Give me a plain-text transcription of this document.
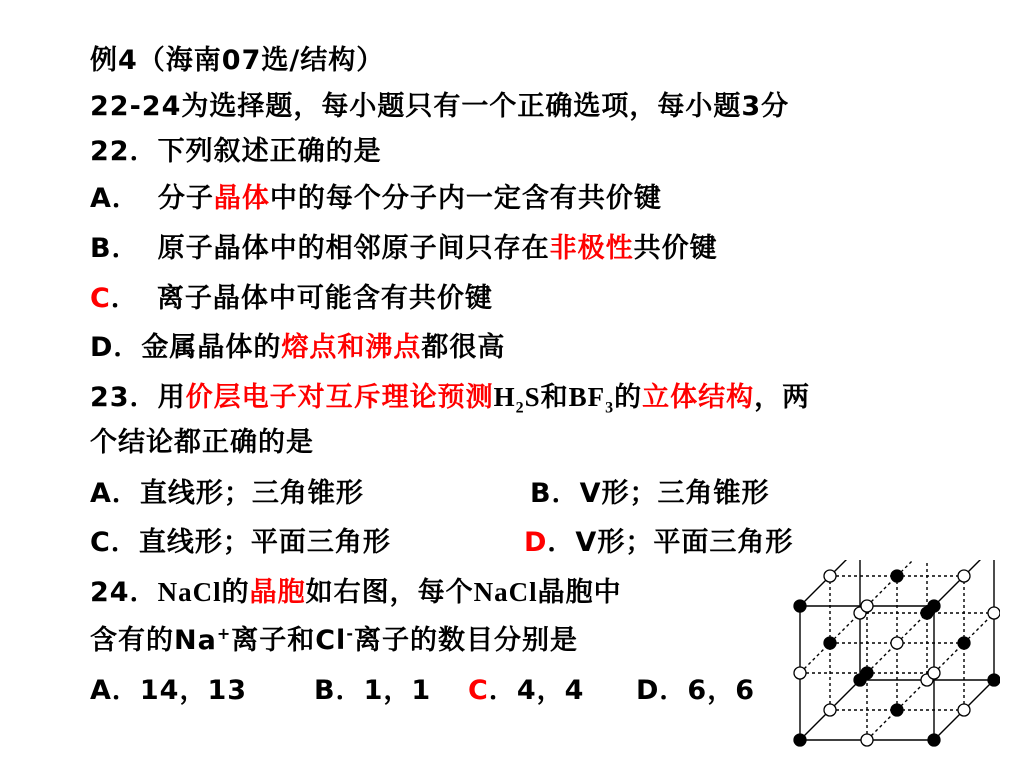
例4（海南07选/结构）
22-24为选择题，每小题只有一个正确选项，每小题3分
22．下列叙述正确的是
A． 分子晶体中的每个分子内一定含有共价键
B． 原子晶体中的相邻原子间只存在非极性共价键
C． 离子晶体中可能含有共价键
D．金属晶体的熔点和沸点都很高
23．用价层电子对互斥理论预测$H_2S$和$BF_3$的立体结构，两
个结论都正确的是
A．直线形；三角锥形	B．V形；三角锥形
C．直线形；平面三角形	D．V形；平面三角形
24．NaCl的晶胞如右图，每个NaCl晶胞中
含有的Na+离子和Cl-离子的数目分别是
A．14，13 B．1，1 C．4，4 D．6，6
